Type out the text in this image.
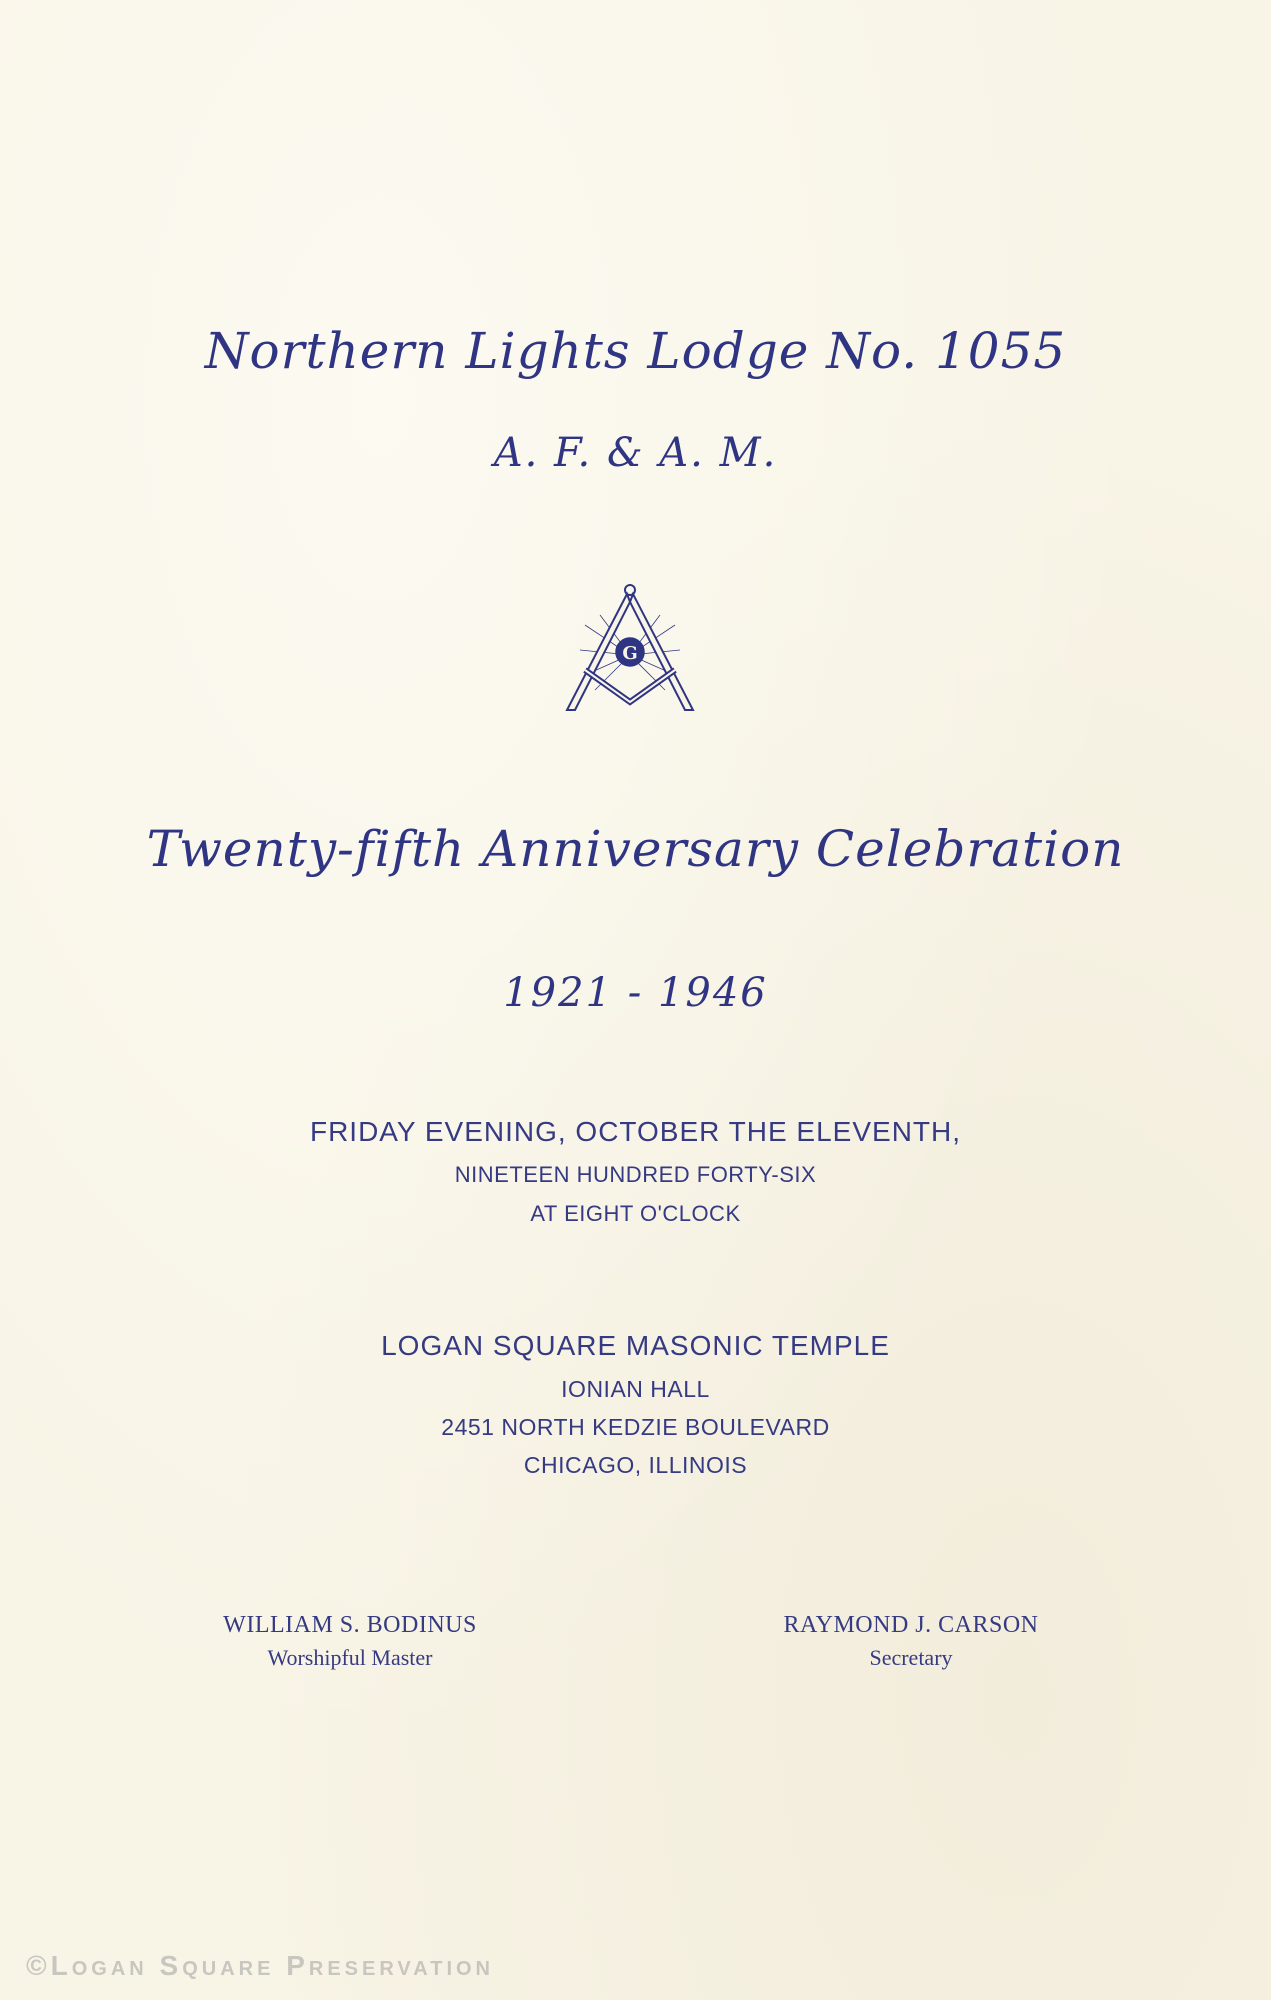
Northern Lights Lodge No. 1055
A. F. & A. M.
G
Twenty-fifth Anniversary Celebration
1921 - 1946
FRIDAY EVENING, OCTOBER THE ELEVENTH,
NINETEEN HUNDRED FORTY-SIX
AT EIGHT O'CLOCK
LOGAN SQUARE MASONIC TEMPLE
IONIAN HALL
2451 NORTH KEDZIE BOULEVARD
CHICAGO, ILLINOIS
WILLIAM S. BODINUS
Worshipful Master
RAYMOND J. CARSON
Secretary
©Logan Square Preservation
